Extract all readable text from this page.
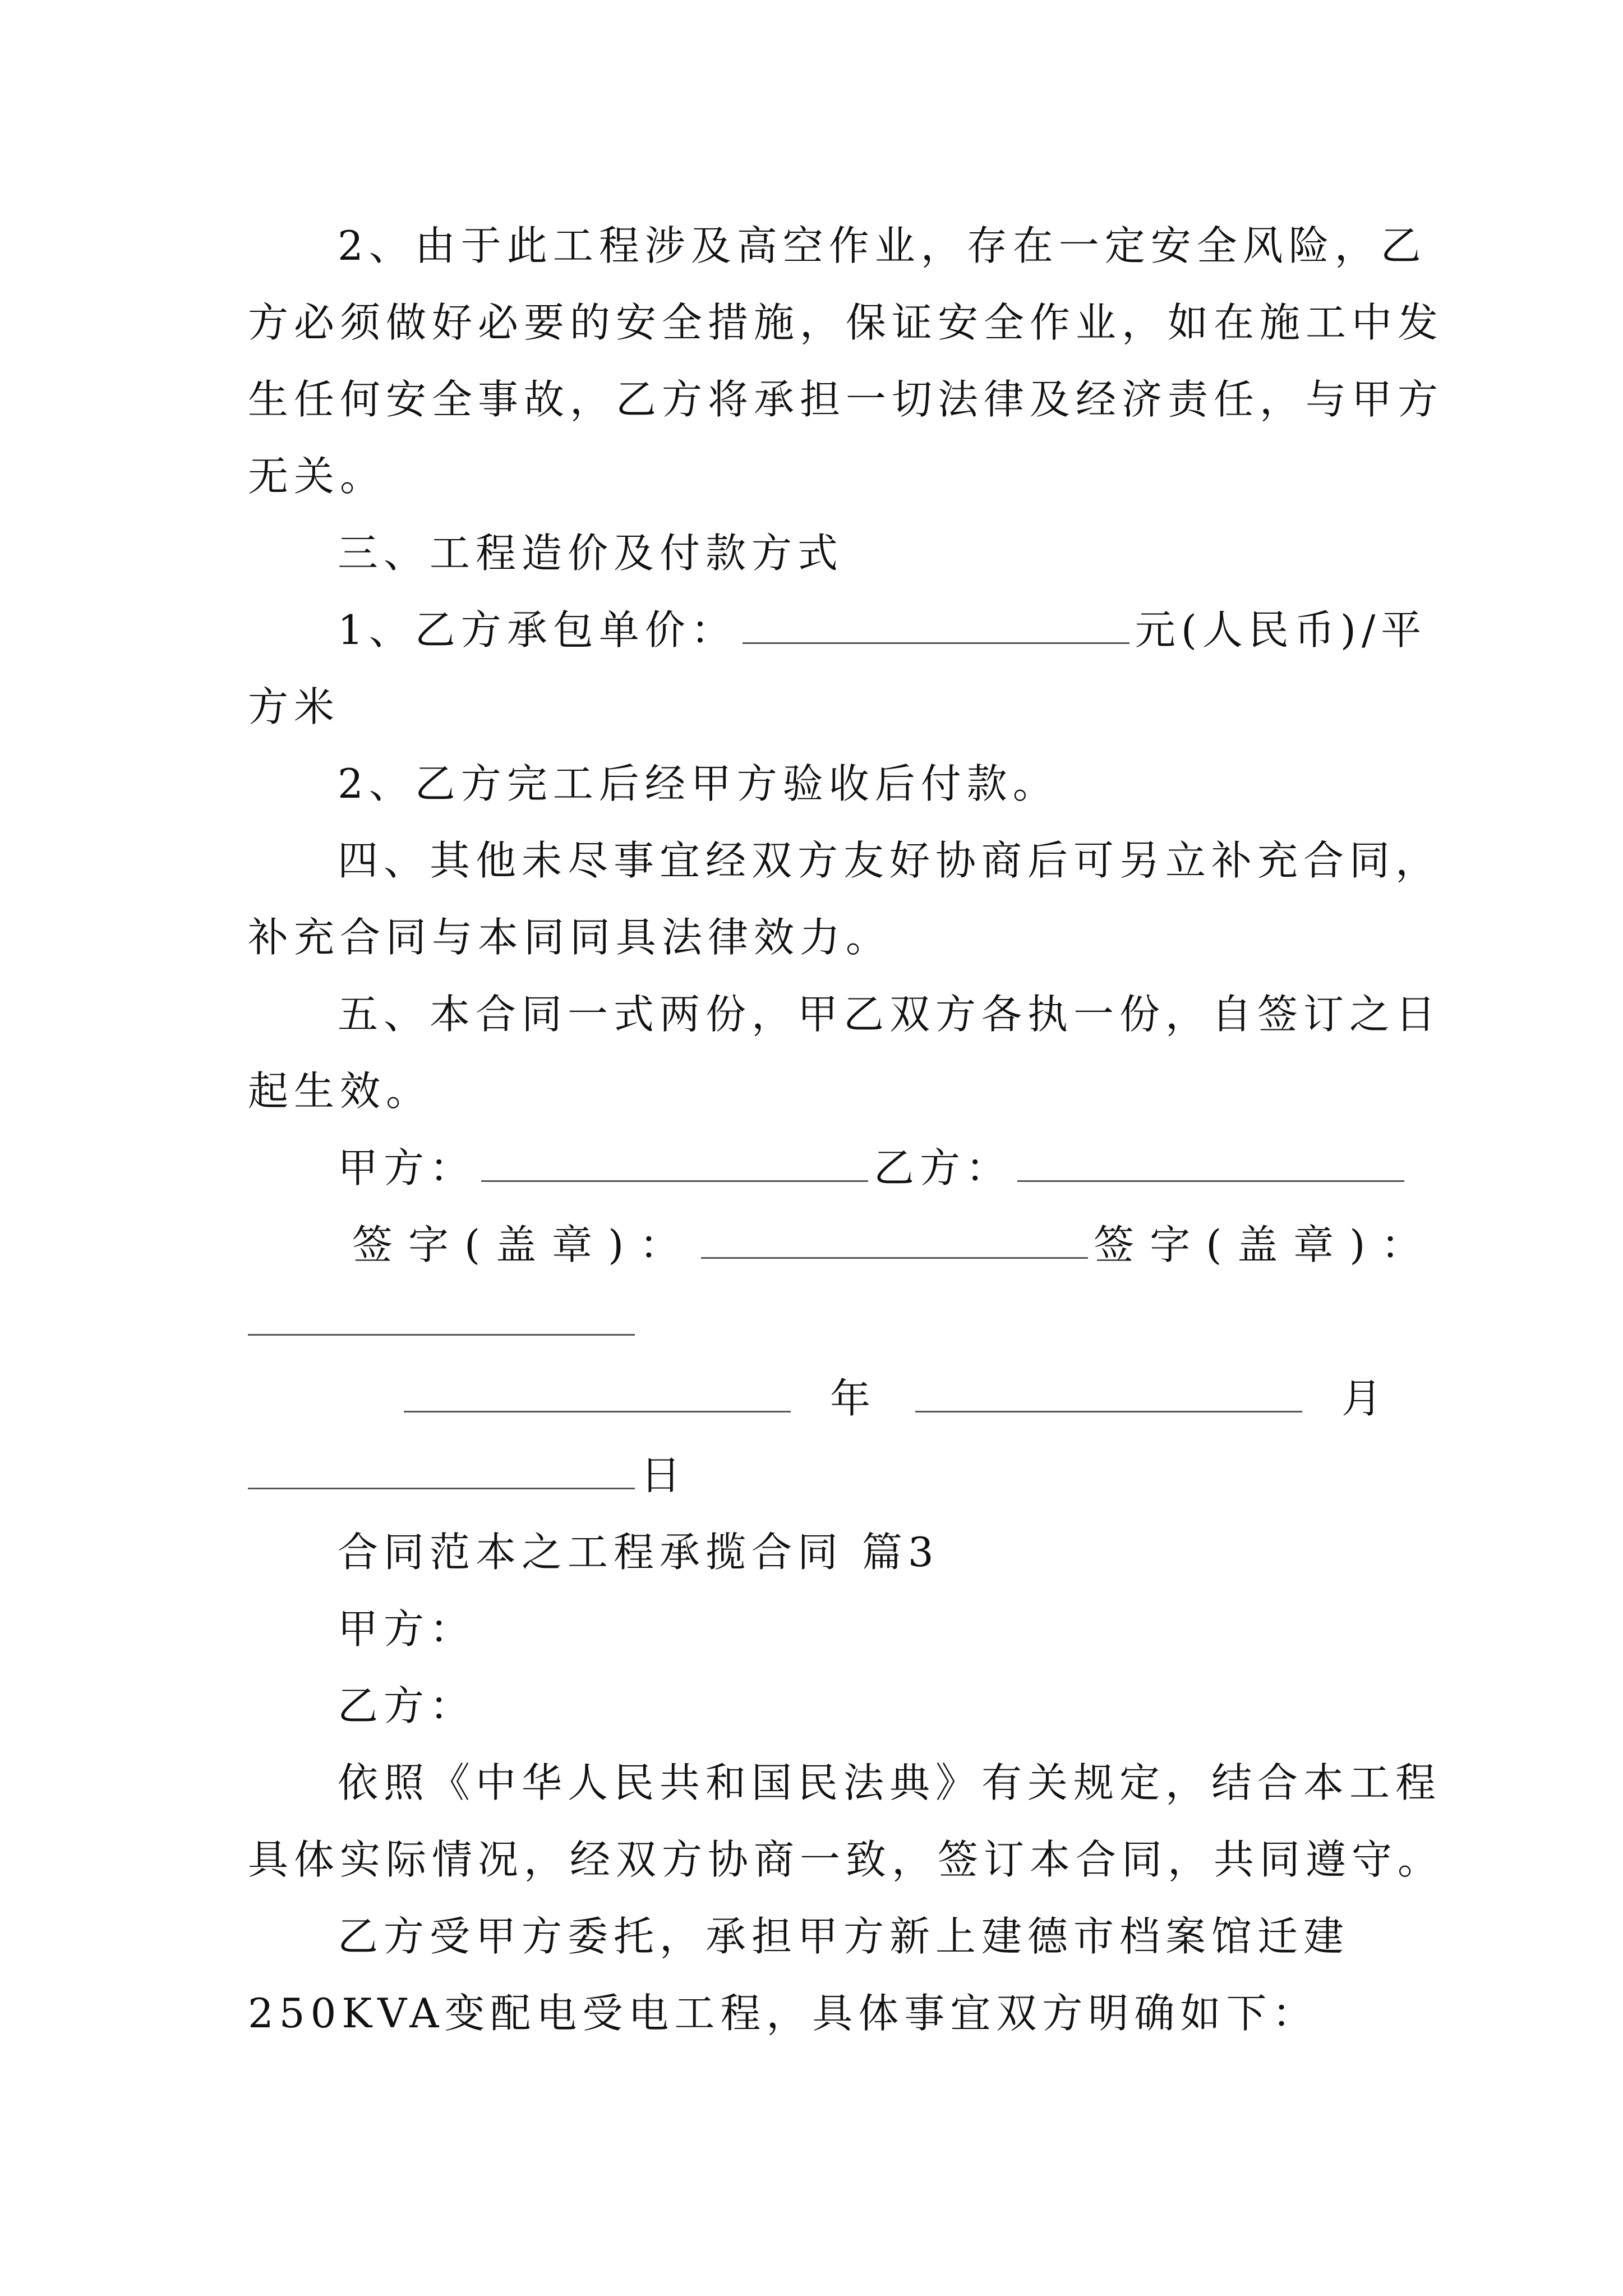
2、由于此工程涉及高空作业，存在一定安全风险，乙
方必须做好必要的安全措施，保证安全作业，如在施工中发
生任何安全事故，乙方将承担一切法律及经济责任，与甲方
无关。
三、工程造价及付款方式
1、乙方承包单价：	元(人民币)/平
方米
2、乙方完工后经甲方验收后付款。
四、其他未尽事宜经双方友好协商后可另立补充合同，
补充合同与本同同具法律效力。
五、本合同一式两份，甲乙双方各执一份，自签订之日
起生效。
甲方：	乙方：
签字(盖章)：	签字(盖章)：
年	月
日
合同范本之工程承揽合同 篇3
甲方：
乙方：
依照《中华人民共和国民法典》有关规定，结合本工程
具体实际情况，经双方协商一致，签订本合同，共同遵守。
乙方受甲方委托，承担甲方新上建德市档案馆迁建
250KVA变配电受电工程，具体事宜双方明确如下：
